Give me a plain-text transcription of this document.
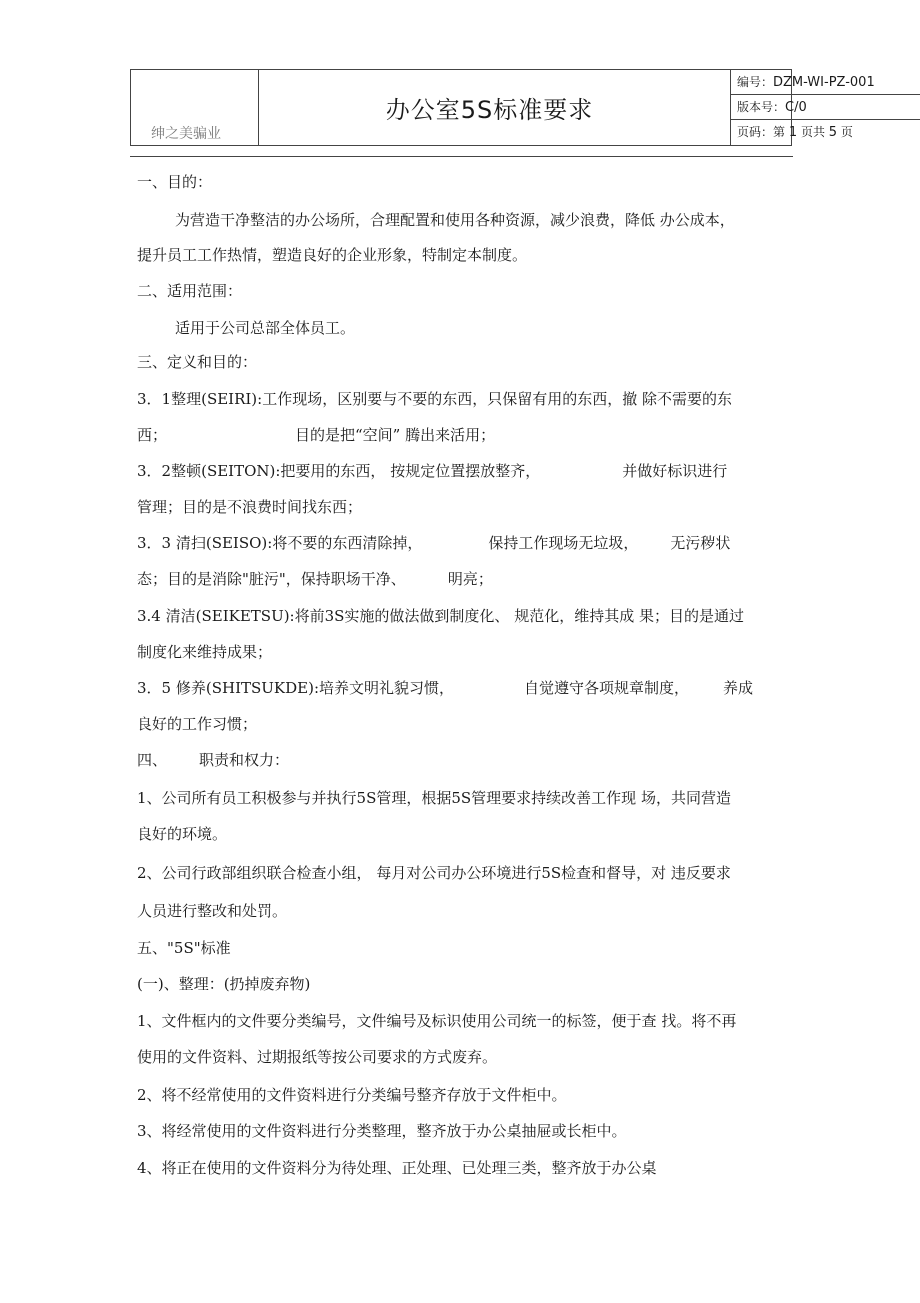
绅之美骗业
办公室5S标准要求
编号：DZM-WI-PZ-001
版本号：C/0
页码：第 1 页共 5 页
一、目的：
为营造干净整洁的办公场所，合理配置和使用各种资源，减少浪费，降低 办公成本，
提升员工工作热情，塑造良好的企业形象，特制定本制度。
二、适用范围：
适用于公司总部全体员工。
三、定义和目的：
3．1整理(SEIRI):工作现场，区别要与不要的东西，只保留有用的东西，撤 除不需要的东
西；	目的是把“空间” 腾出来活用；
3．2整顿(SEITON):把要用的东西， 按规定位置摆放整齐，	并做好标识进行
管理；目的是不浪费时间找东西；
3．3 清扫(SEISO):将不要的东西清除掉，	保持工作现场无垃圾， 无污秽状
态；目的是消除"脏污"，保持职场干净、	明亮；
3.4 清洁(SEIKETSU):将前3S实施的做法做到制度化、 规范化，维持其成 果；目的是通过
制度化来维持成果；
3．5 修养(SHITSUKDE):培养文明礼貌习惯，	自觉遵守各项规章制度， 养成
良好的工作习惯；
四、 职责和权力：
1、公司所有员工积极参与并执行5S管理，根据5S管理要求持续改善工作现 场，共同营造
良好的环境。
2、公司行政部组织联合检查小组， 每月对公司办公环境进行5S检查和督导，对 违反要求
人员进行整改和处罚。
五、"5S"标准
(一)、整理：(扔掉废弃物)
1、文件框内的文件要分类编号，文件编号及标识使用公司统一的标签，便于查 找。将不再
使用的文件资料、过期报纸等按公司要求的方式废弃。
2、将不经常使用的文件资料进行分类编号整齐存放于文件柜中。
3、将经常使用的文件资料进行分类整理，整齐放于办公桌抽屉或长柜中。
4、将正在使用的文件资料分为待处理、正处理、已处理三类，整齐放于办公桌
